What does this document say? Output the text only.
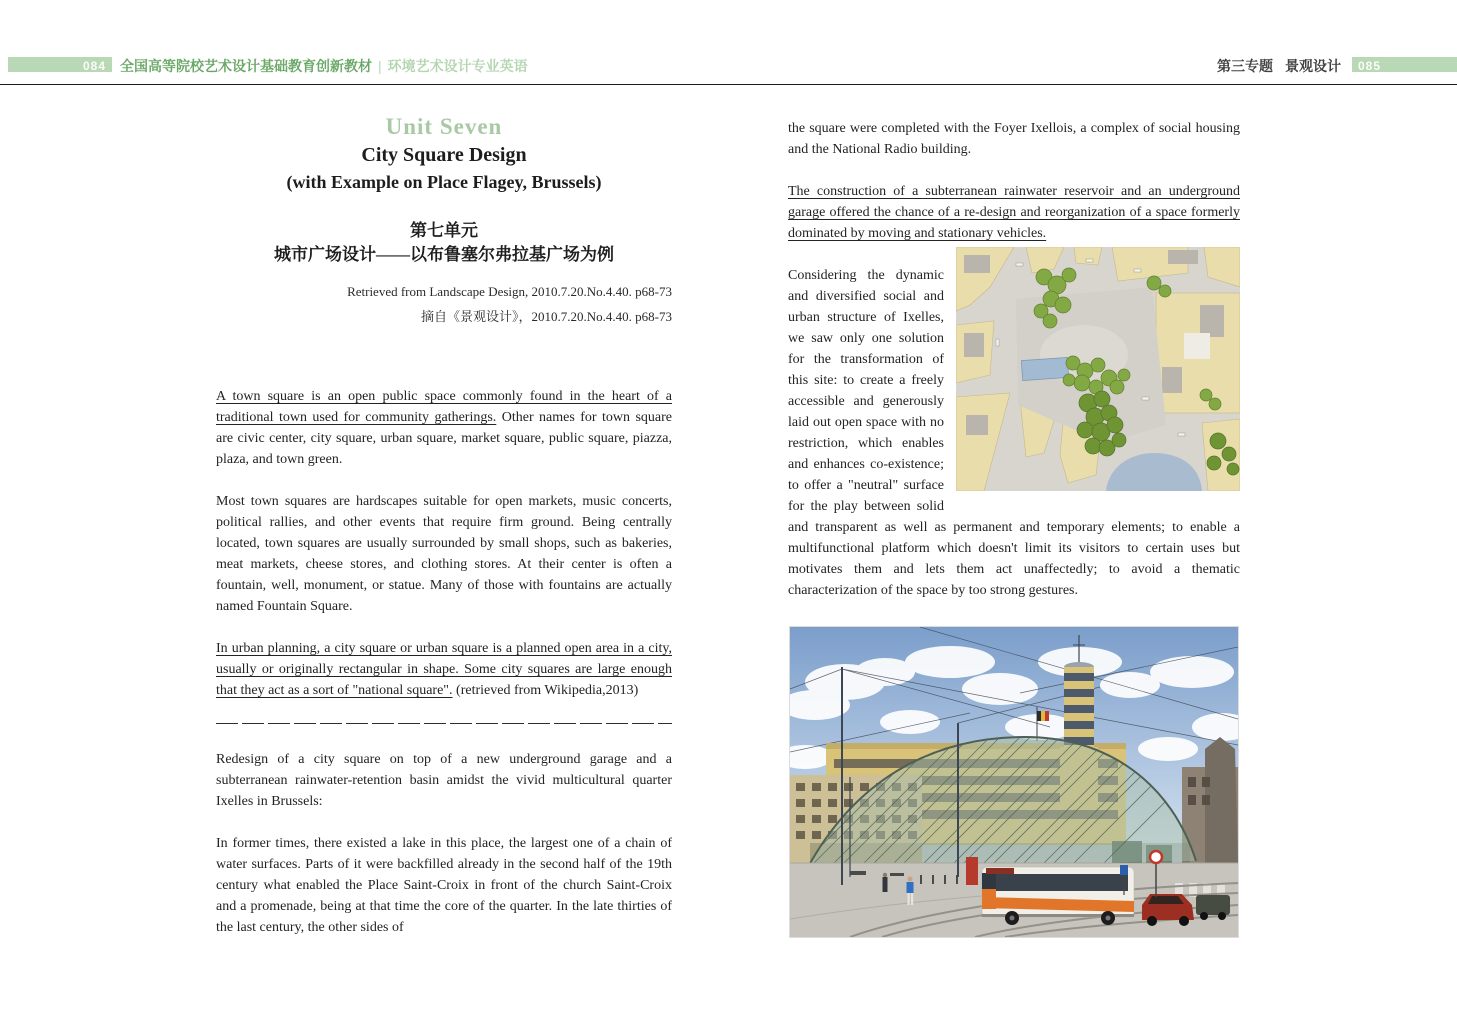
084	全国高等院校艺术设计基础教育创新教材 | 环境艺术设计专业英语	第三专题 景观设计	085
Unit Seven
City Square Design
(with Example on Place Flagey, Brussels)
第七单元
城市广场设计——以布鲁塞尔弗拉基广场为例
Retrieved from Landscape Design, 2010.7.20.No.4.40. p68-73
摘自《景观设计》，2010.7.20.No.4.40. p68-73

A town square is an open public space commonly found in the heart of a traditional town used for community gatherings. Other names for town square are civic center, city square, urban square, market square, public square, piazza, plaza, and town green.

Most town squares are hardscapes suitable for open markets, music concerts, political rallies, and other events that require firm ground. Being centrally located, town squares are usually surrounded by small shops, such as bakeries, meat markets, cheese stores, and clothing stores. At their center is often a fountain, well, monument, or statue. Many of those with fountains are actually named Fountain Square.

In urban planning, a city square or urban square is a planned open area in a city, usually or originally rectangular in shape. Some city squares are large enough that they act as a sort of "national square". (retrieved from Wikipedia,2013)

Redesign of a city square on top of a new underground garage and a subterranean rainwater-retention basin amidst the vivid multicultural quarter Ixelles in Brussels:

In former times, there existed a lake in this place, the largest one of a chain of water surfaces. Parts of it were backfilled already in the second half of the 19th century what enabled the Place Saint-Croix in front of the church Saint-Croix and a promenade, being at that time the core of the quarter. In the late thirties of the last century, the other sides of

the square were completed with the Foyer Ixellois, a complex of social housing and the National Radio building.

The construction of a subterranean rainwater reservoir and an underground garage offered the chance of a re-design and reorganization of a space formerly dominated by moving and stationary vehicles.

Considering the dynamic and diversified social and urban structure of Ixelles, we saw only one solution for the transformation of this site: to create a freely accessible and generously laid out open space with no restriction, which enables and enhances co-existence; to offer a "neutral" surface for the play between solid and transparent as well as permanent and temporary elements; to enable a multifunctional platform which doesn't limit its visitors to certain uses but motivates them and lets them act unaffectedly; to avoid a thematic characterization of the space by too strong gestures.
